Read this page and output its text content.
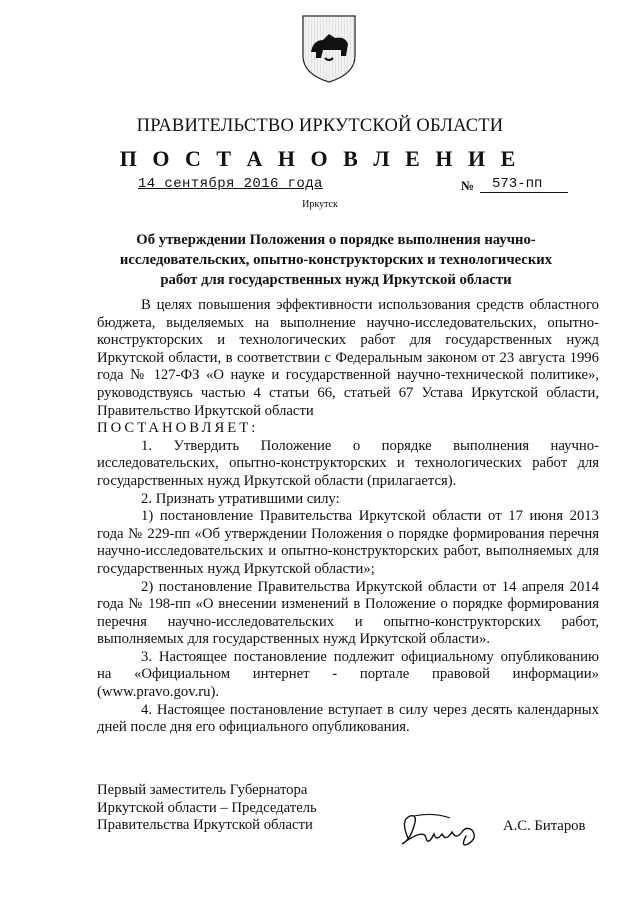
ПРАВИТЕЛЬСТВО ИРКУТСКОЙ ОБЛАСТИ
П О С Т А Н О В Л Е Н И Е
14 сентября 2016 года	№	573-пп
Иркутск
Об утверждении Положения о порядке выполнения научно-исследовательских, опытно-конструкторских и технологических работ для государственных нужд Иркутской области

В целях повышения эффективности использования средств областного бюджета, выделяемых на выполнение научно-исследовательских, опытно-конструкторских и технологических работ для государственных нужд Иркутской области, в соответствии с Федеральным законом от 23 августа 1996 года № 127-ФЗ «О науке и государственной научно-технической политике», руководствуясь частью 4 статьи 66, статьей 67 Устава Иркутской области, Правительство Иркутской области

ПОСТАНОВЛЯЕТ:

1. Утвердить Положение о порядке выполнения научно-исследовательских, опытно-конструкторских и технологических работ для государственных нужд Иркутской области (прилагается).

2. Признать утратившими силу:

1) постановление Правительства Иркутской области от 17 июня 2013 года № 229-пп «Об утверждении Положения о порядке формирования перечня научно-исследовательских и опытно-конструкторских работ, выполняемых для государственных нужд Иркутской области»;

2) постановление Правительства Иркутской области от 14 апреля 2014 года № 198-пп «О внесении изменений в Положение о порядке формирования перечня научно-исследовательских и опытно-конструкторских работ, выполняемых для государственных нужд Иркутской области».

3. Настоящее постановление подлежит официальному опубликованию на «Официальном интернет - портале правовой информации» (www.pravo.gov.ru).

4. Настоящее постановление вступает в силу через десять календарных дней после дня его официального опубликования.

Первый заместитель Губернатора
Иркутской области – Председатель
Правительства Иркутской области	А.С. Битаров
